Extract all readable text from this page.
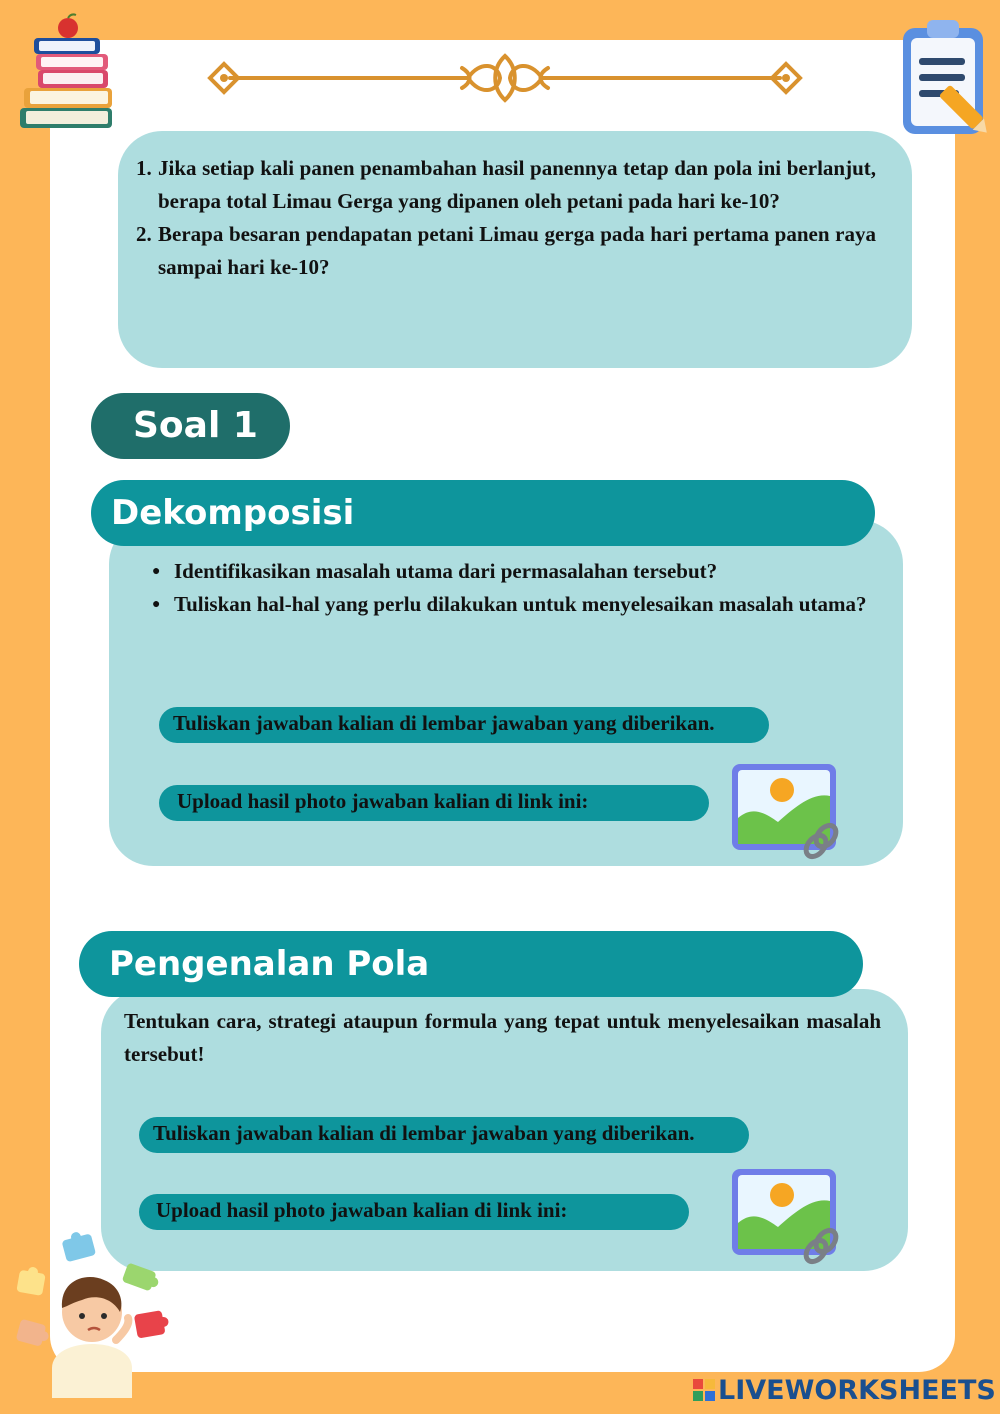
1. Jika setiap kali panen penambahan hasil panennya tetap dan pola ini berlanjut, berapa total Limau Gerga yang dipanen oleh petani pada hari ke-10?
2. Berapa besaran pendapatan petani Limau gerga pada hari pertama panen raya sampai hari ke-10?
Soal 1
Dekomposisi
● Identifikasikan masalah utama dari permasalahan tersebut?
● Tuliskan hal-hal yang perlu dilakukan untuk menyelesaikan masalah utama?
Tuliskan jawaban kalian di lembar jawaban yang diberikan.
Upload hasil photo jawaban kalian di link ini:
Pengenalan Pola
Tentukan cara, strategi ataupun formula yang tepat untuk menyelesaikan masalah tersebut!
Tuliskan jawaban kalian di lembar jawaban yang diberikan.
Upload hasil photo jawaban kalian di link ini:
LIVEWORKSHEETS
